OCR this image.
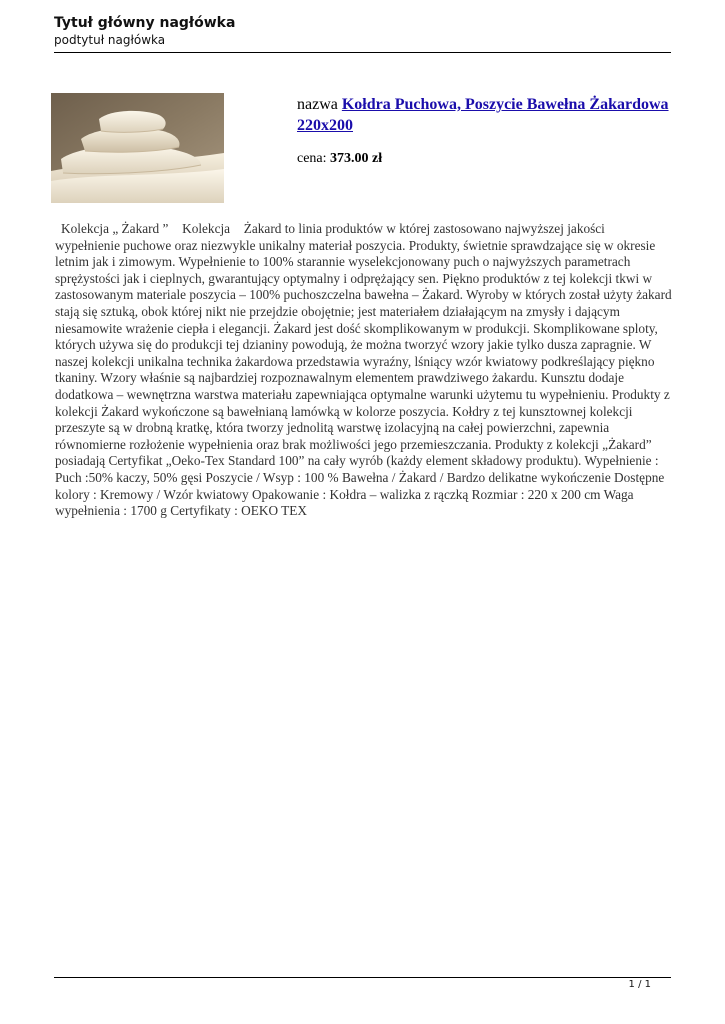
Tytuł główny nagłówka
podtytuł nagłówka
nazwa Kołdra Puchowa, Poszycie Bawełna Żakardowa 220x200
cena: 373.00 zł
Kolekcja „ Żakard ”  Kolekcja  Żakard to linia produktów w której zastosowano najwyższej jakości wypełnienie puchowe oraz niezwykle unikalny materiał poszycia. Produkty, świetnie sprawdzające się w okresie letnim jak i zimowym. Wypełnienie to 100% starannie wyselekcjonowany puch o najwyższych parametrach sprężystości jak i cieplnych, gwarantujący optymalny i odprężający sen. Piękno produktów z tej kolekcji tkwi w zastosowanym materiale poszycia – 100% puchoszczelna bawełna – Żakard. Wyroby w których został użyty żakard stają się sztuką, obok której nikt nie przejdzie obojętnie; jest materiałem działającym na zmysły i dającym niesamowite wrażenie ciepła i elegancji. Żakard jest dość skomplikowanym w produkcji. Skomplikowane sploty, których używa się do produkcji tej dzianiny powodują, że można tworzyć wzory jakie tylko dusza zapragnie. W naszej kolekcji unikalna technika żakardowa przedstawia wyraźny, lśniący wzór kwiatowy podkreślający piękno tkaniny. Wzory właśnie są najbardziej rozpoznawalnym elementem prawdziwego żakardu. Kunsztu dodaje dodatkowa – wewnętrzna warstwa materiału zapewniająca optymalne warunki użytemu tu wypełnieniu. Produkty z kolekcji Żakard wykończone są bawełnianą lamówką w kolorze poszycia. Kołdry z tej kunsztownej kolekcji przeszyte są w drobną kratkę, która tworzy jednolitą warstwę izolacyjną na całej powierzchni, zapewnia równomierne rozłożenie wypełnienia oraz brak możliwości jego przemieszczania. Produkty z kolekcji „Żakard” posiadają Certyfikat „Oeko-Tex Standard 100” na cały wyrób (każdy element składowy produktu). Wypełnienie : Puch :50% kaczy, 50% gęsi Poszycie / Wsyp : 100 % Bawełna / Żakard / Bardzo delikatne wykończenie Dostępne kolory : Kremowy / Wzór kwiatowy Opakowanie : Kołdra – walizka z rączką Rozmiar : 220 x 200 cm Waga wypełnienia : 1700 g Certyfikaty : OEKO TEX
1 / 1
